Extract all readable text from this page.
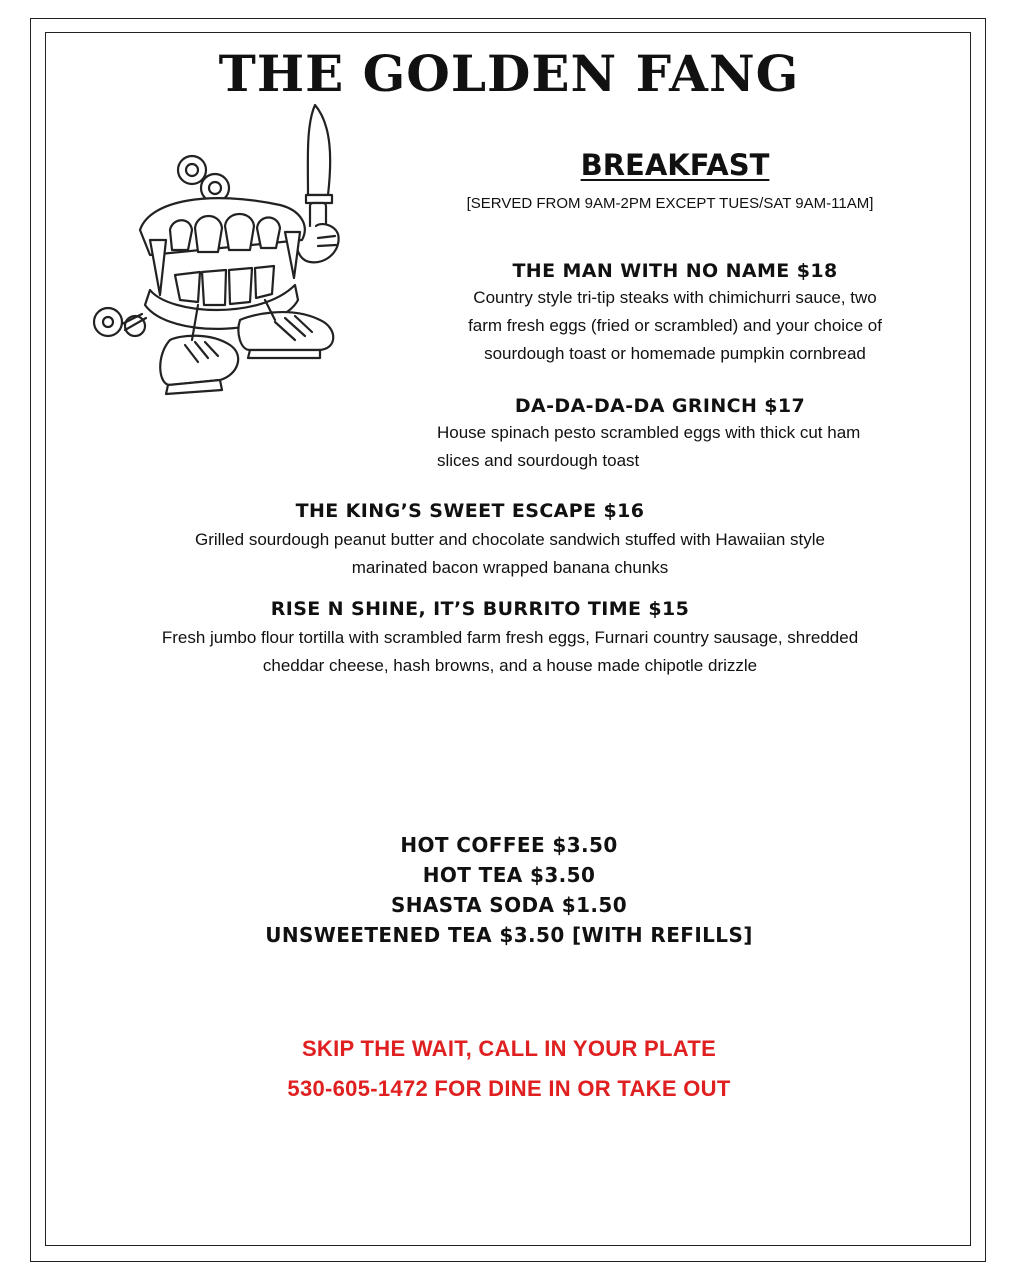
THE GOLDEN FANG
BREAKFAST

[SERVED FROM 9AM-2PM EXCEPT TUES/SAT 9AM-11AM]

THE MAN WITH NO NAME $18
Country style tri-tip steaks with chimichurri sauce, two
farm fresh eggs (fried or scrambled) and your choice of
sourdough toast or homemade pumpkin cornbread
DA-DA-DA-DA GRINCH $17
House spinach pesto scrambled eggs with thick cut ham
slices and sourdough toast
THE KING’S SWEET ESCAPE $16
Grilled sourdough peanut butter and chocolate sandwich stuffed with Hawaiian style
marinated bacon wrapped banana chunks
RISE N SHINE, IT’S BURRITO TIME $15
Fresh jumbo flour tortilla with scrambled farm fresh eggs, Furnari country sausage, shredded
cheddar cheese, hash browns, and a house made chipotle drizzle
HOT COFFEE $3.50
HOT TEA $3.50
SHASTA SODA $1.50
UNSWEETENED TEA $3.50 [WITH REFILLS]

SKIP THE WAIT, CALL IN YOUR PLATE

530-605-1472 FOR DINE IN OR TAKE OUT
